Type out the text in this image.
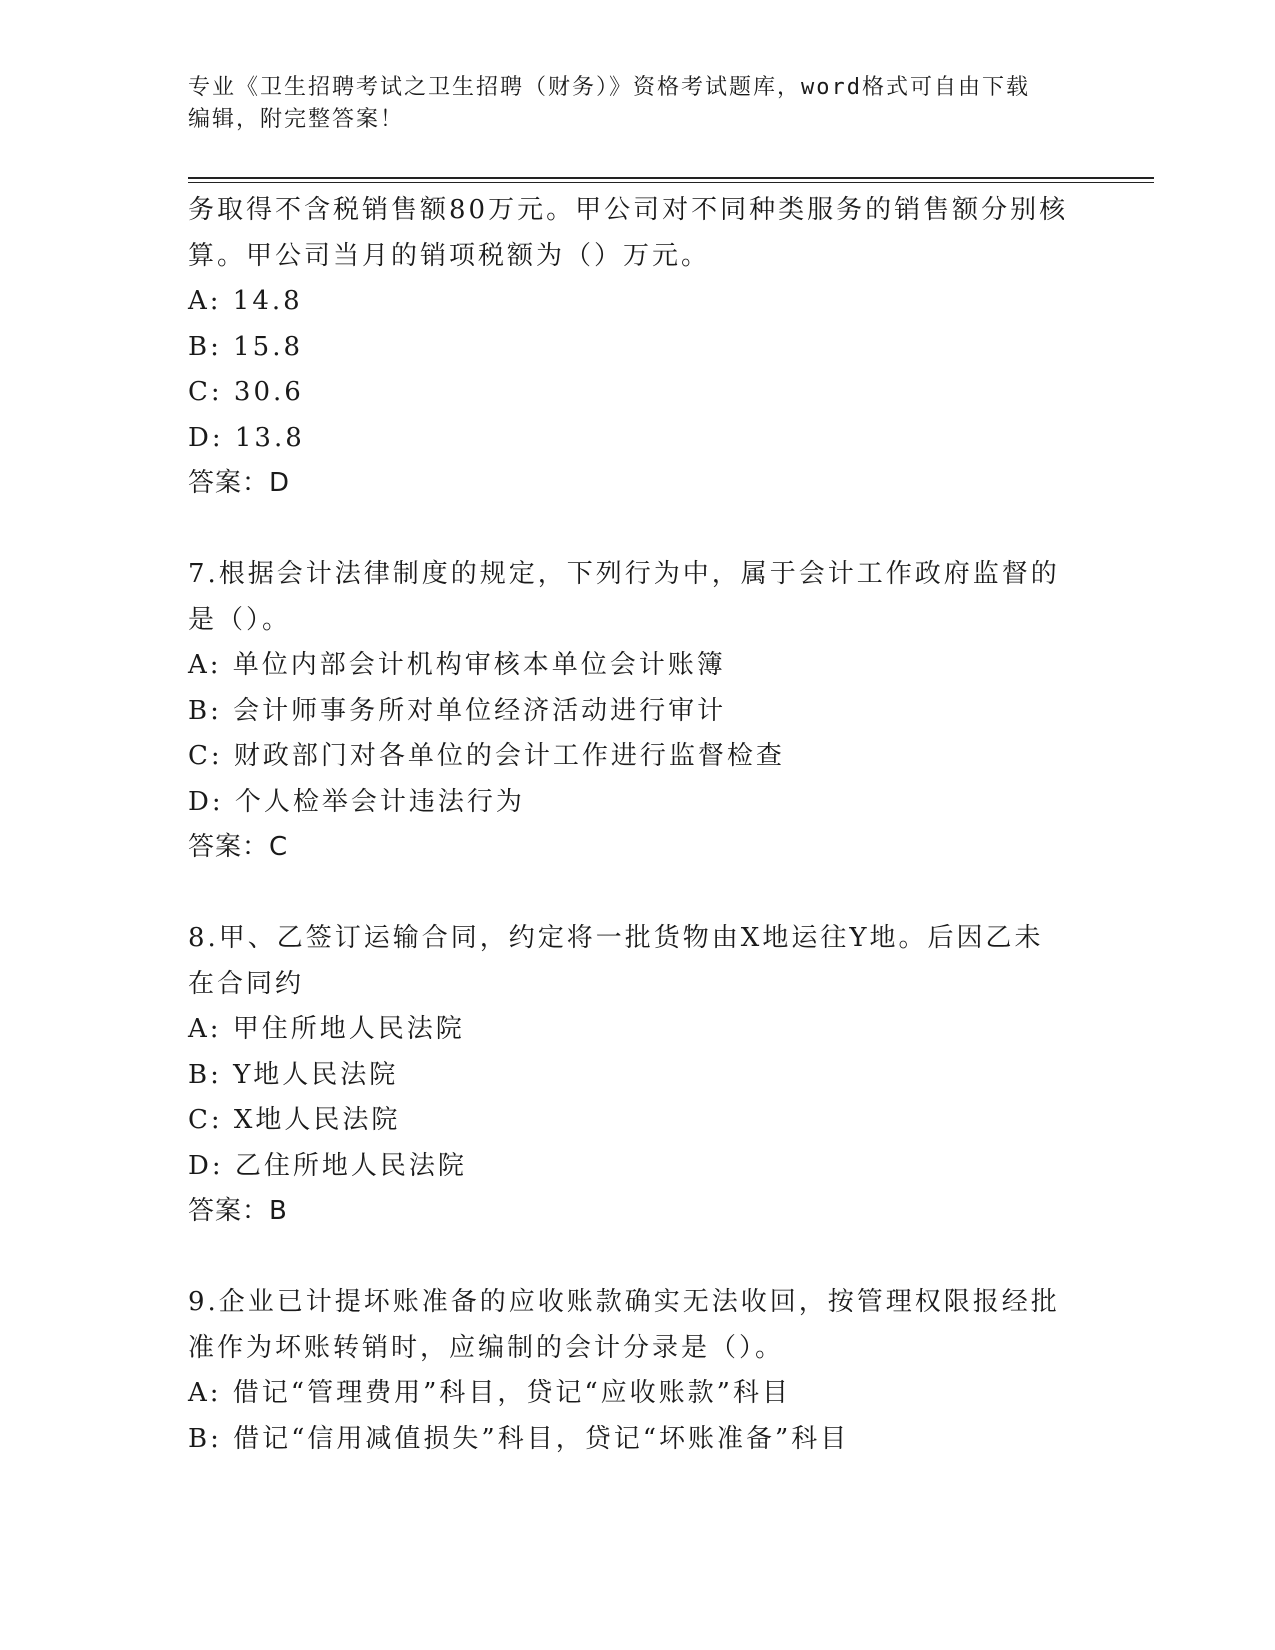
专业《卫生招聘考试之卫生招聘（财务）》资格考试题库，word格式可自由下载
编辑，附完整答案！
务取得不含税销售额80万元。甲公司对不同种类服务的销售额分别核
算。甲公司当月的销项税额为（）万元。
A: 14.8
B: 15.8
C: 30.6
D: 13.8
答案：D
7.根据会计法律制度的规定，下列行为中，属于会计工作政府监督的
是（）。
A: 单位内部会计机构审核本单位会计账簿
B: 会计师事务所对单位经济活动进行审计
C: 财政部门对各单位的会计工作进行监督检查
D: 个人检举会计违法行为
答案：C
8.甲、乙签订运输合同，约定将一批货物由X地运往Y地。后因乙未
在合同约
A: 甲住所地人民法院
B: Y地人民法院
C: X地人民法院
D: 乙住所地人民法院
答案：B
9.企业已计提坏账准备的应收账款确实无法收回，按管理权限报经批
准作为坏账转销时，应编制的会计分录是（）。
A: 借记“管理费用”科目，贷记“应收账款”科目
B: 借记“信用减值损失”科目，贷记“坏账准备”科目
